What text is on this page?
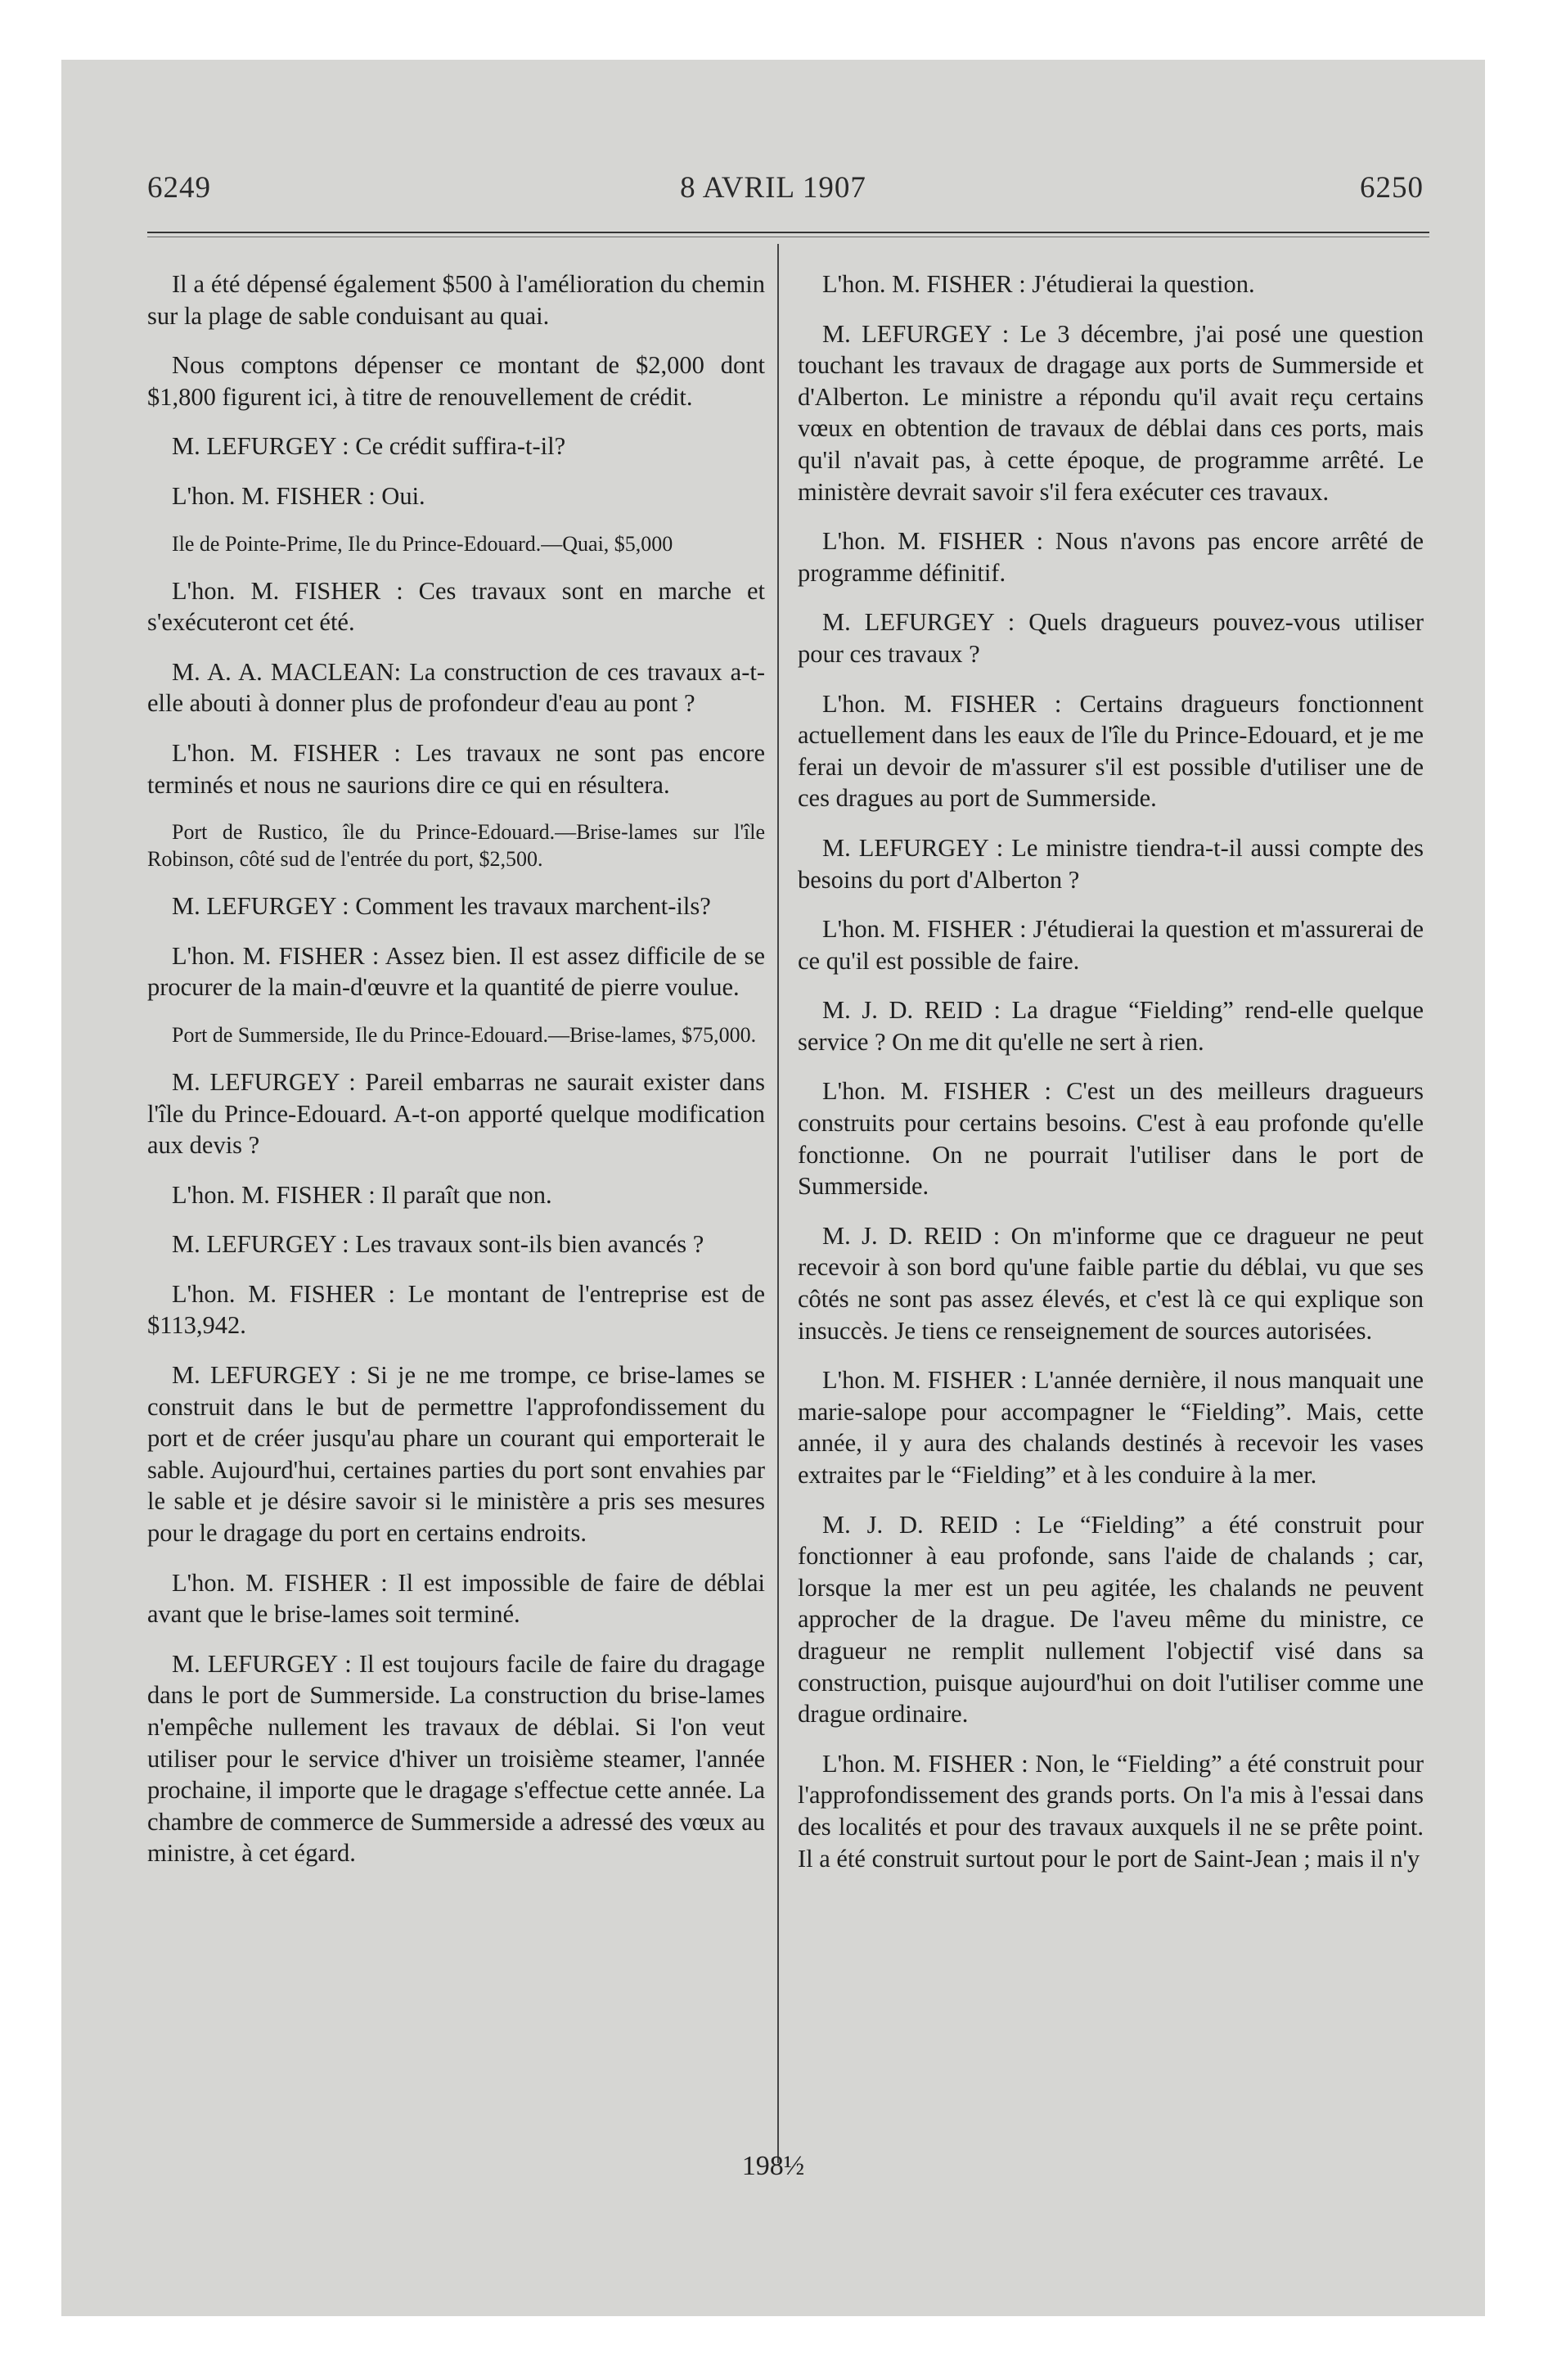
6249	8 AVRIL 1907	6250

Il a été dépensé également $500 à l'amélioration du chemin sur la plage de sable conduisant au quai.

Nous comptons dépenser ce montant de $2,000 dont $1,800 figurent ici, à titre de renouvellement de crédit.

M. LEFURGEY : Ce crédit suffira-t-il?

L'hon. M. FISHER : Oui.

Ile de Pointe-Prime, Ile du Prince-Edouard.—Quai, $5,000

L'hon. M. FISHER : Ces travaux sont en marche et s'exécuteront cet été.

M. A. A. MACLEAN: La construction de ces travaux a-t-elle abouti à donner plus de profondeur d'eau au pont ?

L'hon. M. FISHER : Les travaux ne sont pas encore terminés et nous ne saurions dire ce qui en résultera.

Port de Rustico, île du Prince-Edouard.—Brise-lames sur l'île Robinson, côté sud de l'entrée du port, $2,500.

M. LEFURGEY : Comment les travaux marchent-ils?

L'hon. M. FISHER : Assez bien. Il est assez difficile de se procurer de la main-d'œuvre et la quantité de pierre voulue.

Port de Summerside, Ile du Prince-Edouard.—Brise-lames, $75,000.

M. LEFURGEY : Pareil embarras ne saurait exister dans l'île du Prince-Edouard. A-t-on apporté quelque modification aux devis ?

L'hon. M. FISHER : Il paraît que non.

M. LEFURGEY : Les travaux sont-ils bien avancés ?

L'hon. M. FISHER : Le montant de l'entreprise est de $113,942.

M. LEFURGEY : Si je ne me trompe, ce brise-lames se construit dans le but de permettre l'approfondissement du port et de créer jusqu'au phare un courant qui emporterait le sable. Aujourd'hui, certaines parties du port sont envahies par le sable et je désire savoir si le ministère a pris ses mesures pour le dragage du port en certains endroits.

L'hon. M. FISHER : Il est impossible de faire de déblai avant que le brise-lames soit terminé.

M. LEFURGEY : Il est toujours facile de faire du dragage dans le port de Summerside. La construction du brise-lames n'empêche nullement les travaux de déblai. Si l'on veut utiliser pour le service d'hiver un troisième steamer, l'année prochaine, il importe que le dragage s'effectue cette année. La chambre de commerce de Summerside a adressé des vœux au ministre, à cet égard.

L'hon. M. FISHER : J'étudierai la question.

M. LEFURGEY : Le 3 décembre, j'ai posé une question touchant les travaux de dragage aux ports de Summerside et d'Alberton. Le ministre a répondu qu'il avait reçu certains vœux en obtention de travaux de déblai dans ces ports, mais qu'il n'avait pas, à cette époque, de programme arrêté. Le ministère devrait savoir s'il fera exécuter ces travaux.

L'hon. M. FISHER : Nous n'avons pas encore arrêté de programme définitif.

M. LEFURGEY : Quels dragueurs pouvez-vous utiliser pour ces travaux ?

L'hon. M. FISHER : Certains dragueurs fonctionnent actuellement dans les eaux de l'île du Prince-Edouard, et je me ferai un devoir de m'assurer s'il est possible d'utiliser une de ces dragues au port de Summerside.

M. LEFURGEY : Le ministre tiendra-t-il aussi compte des besoins du port d'Alberton ?

L'hon. M. FISHER : J'étudierai la question et m'assurerai de ce qu'il est possible de faire.

M. J. D. REID : La drague “Fielding” rend-elle quelque service ? On me dit qu'elle ne sert à rien.

L'hon. M. FISHER : C'est un des meilleurs dragueurs construits pour certains besoins. C'est à eau profonde qu'elle fonctionne. On ne pourrait l'utiliser dans le port de Summerside.

M. J. D. REID : On m'informe que ce dragueur ne peut recevoir à son bord qu'une faible partie du déblai, vu que ses côtés ne sont pas assez élevés, et c'est là ce qui explique son insuccès. Je tiens ce renseignement de sources autorisées.

L'hon. M. FISHER : L'année dernière, il nous manquait une marie-salope pour accompagner le “Fielding”. Mais, cette année, il y aura des chalands destinés à recevoir les vases extraites par le “Fielding” et à les conduire à la mer.

M. J. D. REID : Le “Fielding” a été construit pour fonctionner à eau profonde, sans l'aide de chalands ; car, lorsque la mer est un peu agitée, les chalands ne peuvent approcher de la drague. De l'aveu même du ministre, ce dragueur ne remplit nullement l'objectif visé dans sa construction, puisque aujourd'hui on doit l'utiliser comme une drague ordinaire.

L'hon. M. FISHER : Non, le “Fielding” a été construit pour l'approfondissement des grands ports. On l'a mis à l'essai dans des localités et pour des travaux auxquels il ne se prête point. Il a été construit surtout pour le port de Saint-Jean ; mais il n'y

198½
